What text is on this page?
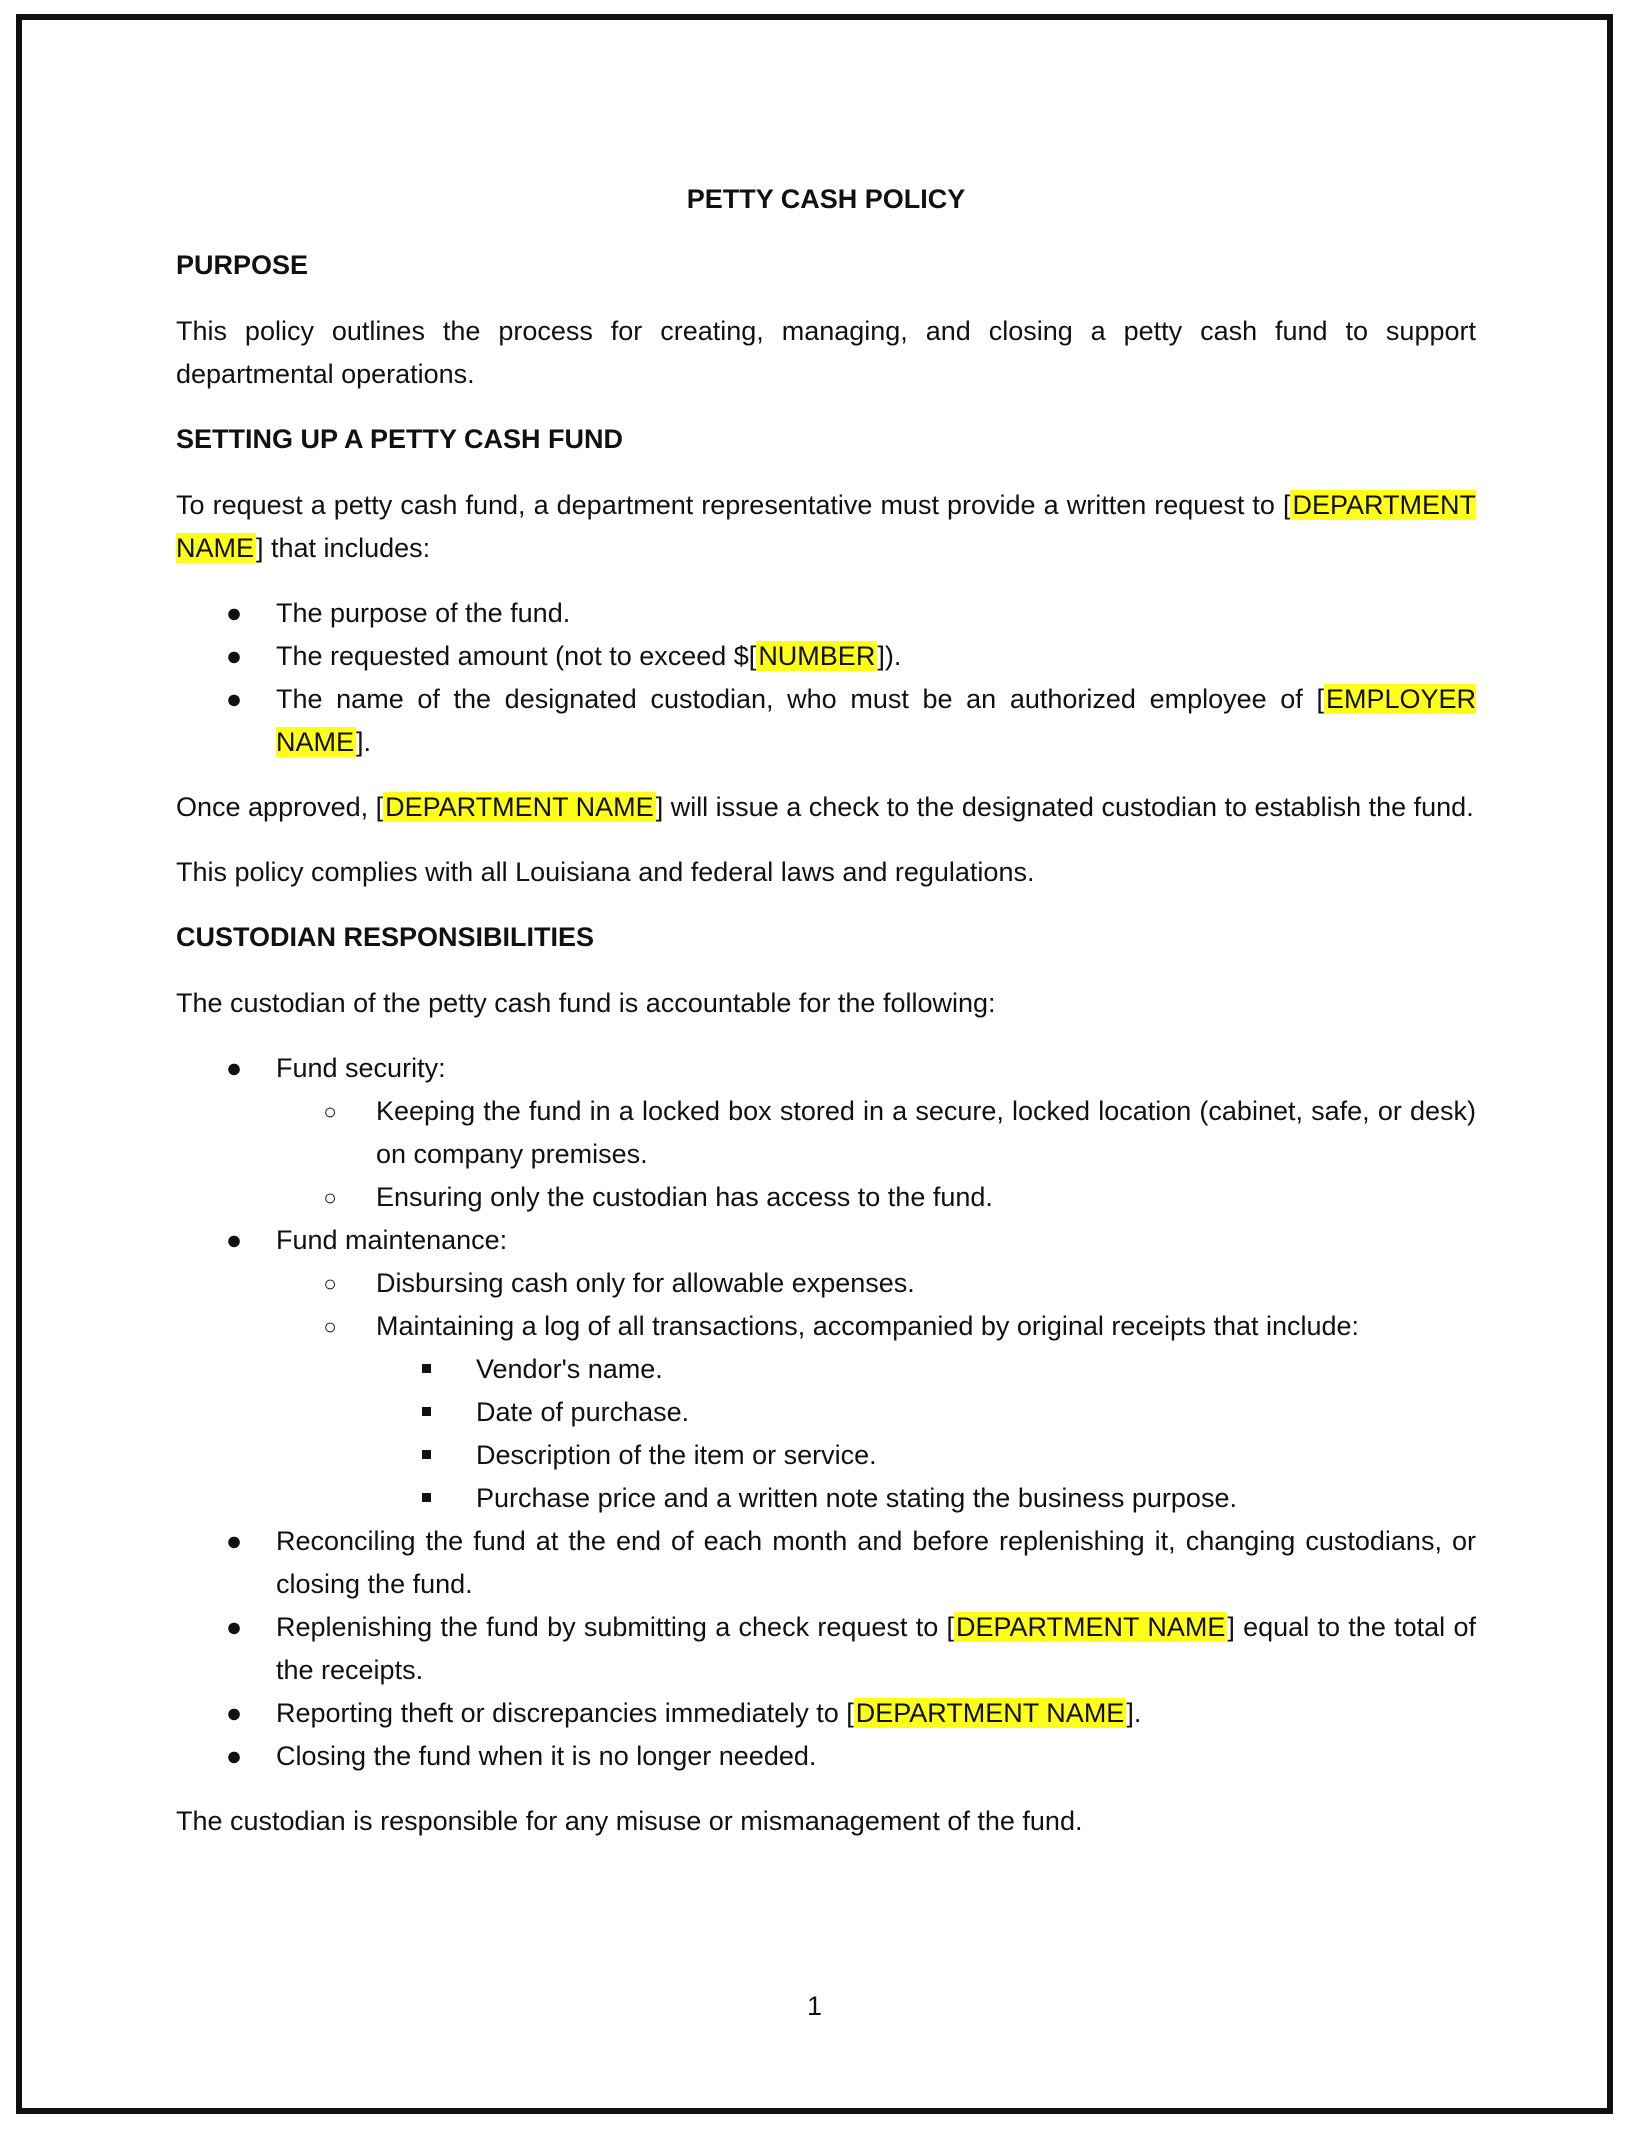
PETTY CASH POLICY
PURPOSE

This policy outlines the process for creating, managing, and closing a petty cash fund to support departmental operations.

SETTING UP A PETTY CASH FUND

To request a petty cash fund, a department representative must provide a written request to [DEPARTMENT NAME] that includes:

● The purpose of the fund.
● The requested amount (not to exceed $[NUMBER]).
● The name of the designated custodian, who must be an authorized employee of [EMPLOYER NAME].

Once approved, [DEPARTMENT NAME] will issue a check to the designated custodian to establish the fund.

This policy complies with all Louisiana and federal laws and regulations.

CUSTODIAN RESPONSIBILITIES

The custodian of the petty cash fund is accountable for the following:

● Fund security:
○ Keeping the fund in a locked box stored in a secure, locked location (cabinet, safe, or desk) on company premises.
○ Ensuring only the custodian has access to the fund.
● Fund maintenance:
○ Disbursing cash only for allowable expenses.
○ Maintaining a log of all transactions, accompanied by original receipts that include:
Vendor's name.
Date of purchase.
Description of the item or service.
Purchase price and a written note stating the business purpose.
● Reconciling the fund at the end of each month and before replenishing it, changing custodians, or closing the fund.
● Replenishing the fund by submitting a check request to [DEPARTMENT NAME] equal to the total of the receipts.
● Reporting theft or discrepancies immediately to [DEPARTMENT NAME].
● Closing the fund when it is no longer needed.

The custodian is responsible for any misuse or mismanagement of the fund.

1
